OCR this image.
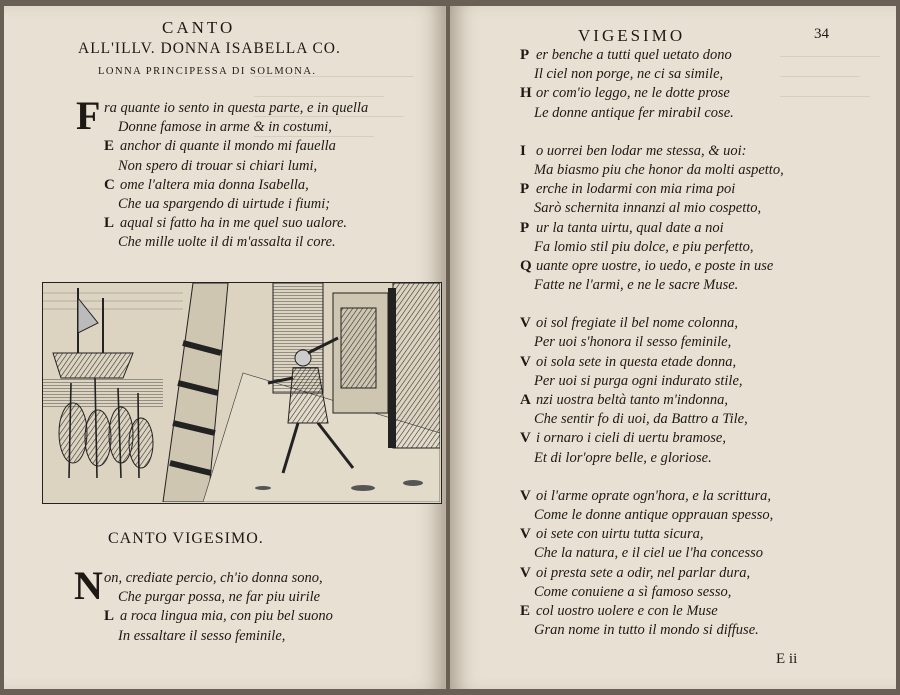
CANTO
ALL'ILLV. DONNA ISABELLA CO.
LONNA PRINCIPESSA DI SOLMONA.
F ra quante io sento in questa parte, e in quella
Donne famose in arme & in costumi,
E anchor di quante il mondo mi fauella
Non spero di trouar si chiari lumi,
C ome l'altera mia donna Isabella,
Che ua spargendo di uirtude i fiumi;
L aqual si fatto ha in me quel suo ualore.
Che mille uolte il di m'assalta il core.
CANTO VIGESIMO.
N on, crediate percio, ch'io donna sono,
Che purgar possa, ne far piu uirile
L a roca lingua mia, con piu bel suono
In essaltare il sesso feminile,
VIGESIMO	34
P er benche a tutti quel uetato dono
Il ciel non porge, ne ci sa simile,
H or com'io leggo, ne le dotte prose
Le donne antique fer mirabil cose.
I o uorrei ben lodar me stessa, & uoi:
Ma biasmo piu che honor da molti aspetto,
P erche in lodarmi con mia rima poi
Sarò schernita innanzi al mio cospetto,
P ur la tanta uirtu, qual date a noi
Fa lomio stil piu dolce, e piu perfetto,
Q uante opre uostre, io uedo, e poste in use
Fatte ne l'armi, e ne le sacre Muse.
V oi sol fregiate il bel nome colonna,
Per uoi s'honora il sesso feminile,
V oi sola sete in questa etade donna,
Per uoi si purga ogni indurato stile,
A nzi uostra beltà tanto m'indonna,
Che sentir fo di uoi, da Battro a Tile,
V i ornaro i cieli di uertu bramose,
Et di lor'opre belle, e gloriose.
V oi l'arme oprate ogn'hora, e la scrittura,
Come le donne antique opprauan spesso,
V oi sete con uirtu tutta sicura,
Che la natura, e il ciel ue l'ha concesso
V oi presta sete a odir, nel parlar dura,
Come conuiene a sì famoso sesso,
E col uostro uolere e con le Muse
Gran nome in tutto il mondo si diffuse.
E ii
